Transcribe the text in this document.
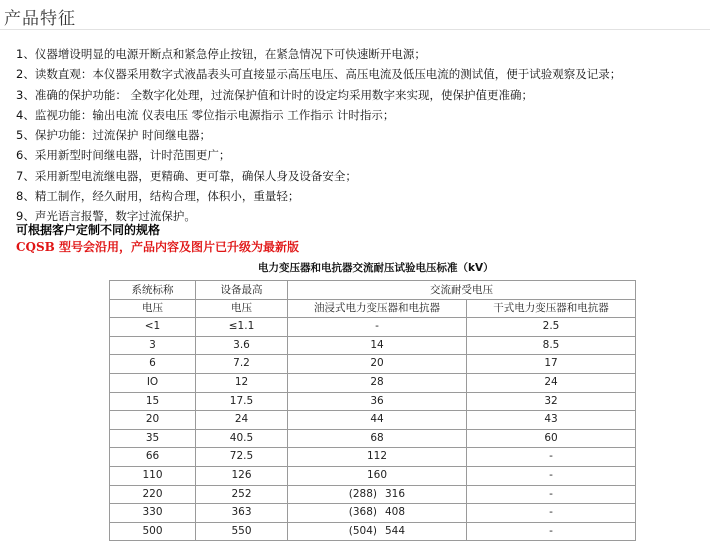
产品特征
1、仪器增设明显的电源开断点和紧急停止按钮，在紧急情况下可快速断开电源；
2、读数直观：本仪器采用数字式液晶表头可直接显示高压电压、高压电流及低压电流的测试值，便于试验观察及记录；
3、准确的保护功能： 全数字化处理，过流保护值和计时的设定均采用数字来实现，使保护值更准确；
4、监视功能：输出电流 仪表电压 零位指示电源指示 工作指示 计时指示；
5、保护功能：过流保护 时间继电器；
6、采用新型时间继电器，计时范围更广；
7、采用新型电流继电器，更精确、更可靠，确保人身及设备安全；
8、精工制作，经久耐用，结构合理，体积小，重量轻；
9、声光语言报警，数字过流保护。
可根据客户定制不同的规格
CQSB 型号会沿用，产品内容及图片已升级为最新版
电力变压器和电抗器交流耐压试验电压标准（kV）
系统标称	设备最高	交流耐受电压	
电压	电压	油浸式电力变压器和电抗器	干式电力变压器和电抗器
<1	≤1.1	-	2.5
3	3.6	14	8.5
6	7.2	20	17
IO	12	28	24
15	17.5	36	32
20	24	44	43
35	40.5	68	60
66	72.5	112	-
110	126	160	-
220	252	(288) 316	-
330	363	(368) 408	-
500	550	(504) 544	-
